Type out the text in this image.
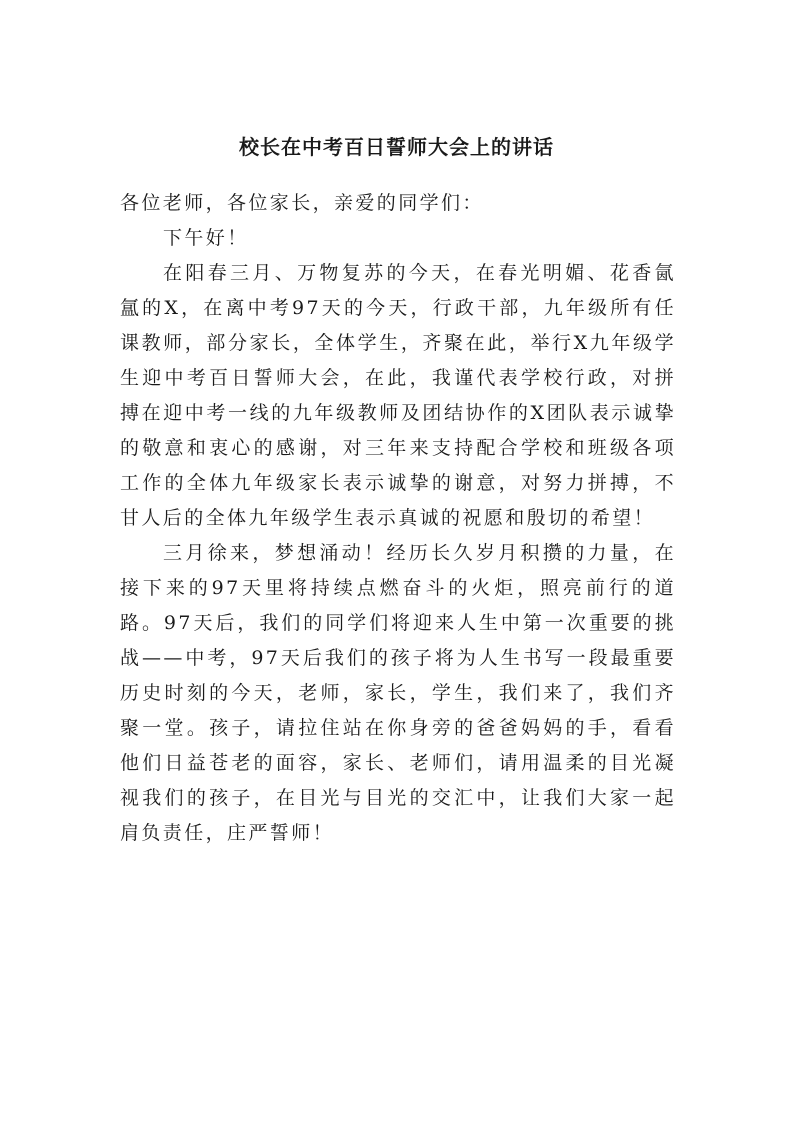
校长在中考百日誓师大会上的讲话

各位老师，各位家长，亲爱的同学们：

下午好！

在阳春三月、万物复苏的今天，在春光明媚、花香氤氲的X，在离中考97天的今天，行政干部，九年级所有任课教师，部分家长，全体学生，齐聚在此，举行X九年级学生迎中考百日誓师大会，在此，我谨代表学校行政，对拼搏在迎中考一线的九年级教师及团结协作的X团队表示诚挚的敬意和衷心的感谢，对三年来支持配合学校和班级各项工作的全体九年级家长表示诚挚的谢意，对努力拼搏，不甘人后的全体九年级学生表示真诚的祝愿和殷切的希望！

三月徐来，梦想涌动！经历长久岁月积攒的力量，在接下来的97天里将持续点燃奋斗的火炬，照亮前行的道路。97天后，我们的同学们将迎来人生中第一次重要的挑战——中考，97天后我们的孩子将为人生书写一段最重要历史时刻的今天，老师，家长，学生，我们来了，我们齐聚一堂。孩子，请拉住站在你身旁的爸爸妈妈的手，看看他们日益苍老的面容，家长、老师们，请用温柔的目光凝视我们的孩子，在目光与目光的交汇中，让我们大家一起肩负责任，庄严誓师！
